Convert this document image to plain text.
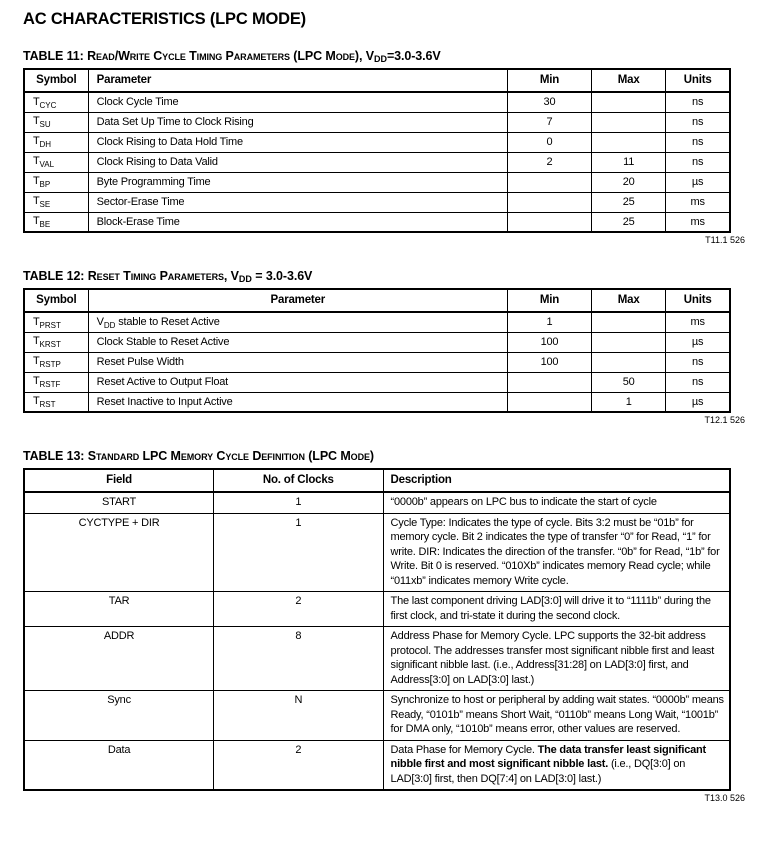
AC CHARACTERISTICS (LPC MODE)
TABLE 11: Read/Write Cycle Timing Parameters (LPC Mode), $V_{DD}=3.0-3.6V$
Symbol	Parameter	Min	Max	Units
$T_{CYC}$	Clock Cycle Time	30		ns
$T_{SU}$	Data Set Up Time to Clock Rising	7		ns
$T_{DH}$	Clock Rising to Data Hold Time	0		ns
$T_{VAL}$	Clock Rising to Data Valid	2	11	ns
$T_{BP}$	Byte Programming Time		20	µs
$T_{SE}$	Sector-Erase Time		25	ms
$T_{BE}$	Block-Erase Time		25	ms
T11.1 526
TABLE 12: Reset Timing Parameters, $V_{DD} = 3.0-3.6V$
Symbol	Parameter	Min	Max	Units
$T_{PRST}$	$V_{DD}$ stable to Reset Active	1		ms
$T_{KRST}$	Clock Stable to Reset Active	100		µs
$T_{RSTP}$	Reset Pulse Width	100		ns
$T_{RSTF}$	Reset Active to Output Float		50	ns
$T_{RST}$	Reset Inactive to Input Active		1	µs
T12.1 526
TABLE 13: Standard LPC Memory Cycle Definition (LPC Mode)
Field	No. of Clocks	Description
START	1	“0000b” appears on LPC bus to indicate the start of cycle
CYCTYPE + DIR	1	Cycle Type: Indicates the type of cycle. Bits 3:2 must be “01b” for memory cycle. Bit 2 indicates the type of transfer “0” for Read, “1” for write. DIR: Indicates the direction of the transfer. “0b” for Read, “1b” for Write. Bit 0 is reserved. “010Xb” indicates memory Read cycle; while “011xb” indicates memory Write cycle.
TAR	2	The last component driving LAD[3:0] will drive it to “1111b” during the first clock, and tri-state it during the second clock.
ADDR	8	Address Phase for Memory Cycle. LPC supports the 32-bit address protocol. The addresses transfer most significant nibble first and least significant nibble last. (i.e., Address[31:28] on LAD[3:0] first, and Address[3:0] on LAD[3:0] last.)
Sync	N	Synchronize to host or peripheral by adding wait states. “0000b” means Ready, “0101b” means Short Wait, “0110b” means Long Wait, “1001b” for DMA only, “1010b” means error, other values are reserved.
Data	2	Data Phase for Memory Cycle. The data transfer least significant nibble first and most significant nibble last. (i.e., DQ[3:0] on LAD[3:0] first, then DQ[7:4] on LAD[3:0] last.)
T13.0 526
